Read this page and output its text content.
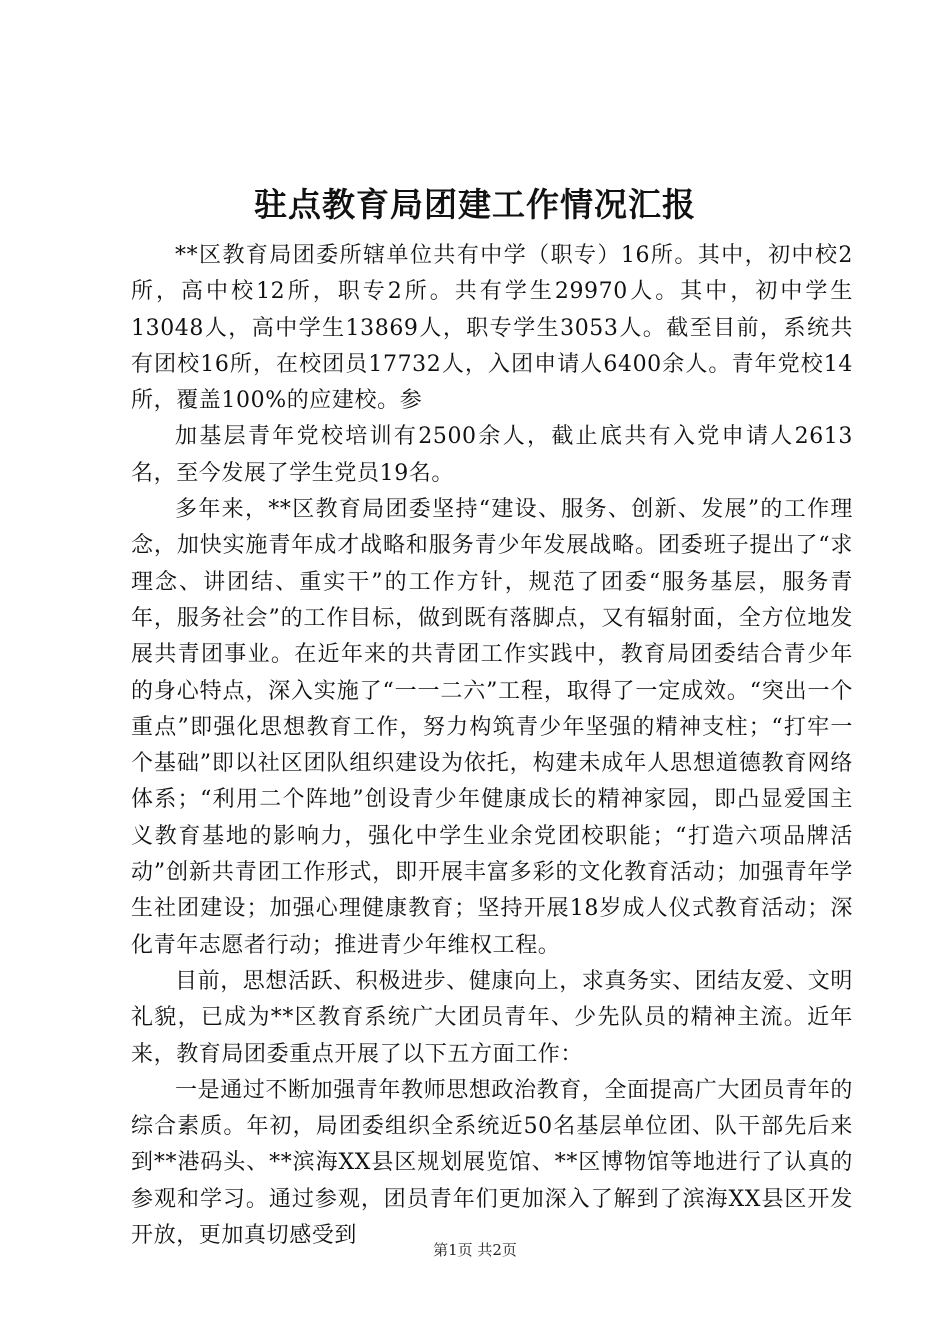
驻点教育局团建工作情况汇报

**区教育局团委所辖单位共有中学（职专）16所。其中，初中校2所，高中校12所，职专2所。共有学生29970人。其中，初中学生13048人，高中学生13869人，职专学生3053人。截至目前，系统共有团校16所，在校团员17732人，入团申请人6400余人。青年党校14所，覆盖100%的应建校。参

加基层青年党校培训有2500余人，截止底共有入党申请人2613名，至今发展了学生党员19名。

多年来，**区教育局团委坚持“建设、服务、创新、发展”的工作理念，加快实施青年成才战略和服务青少年发展战略。团委班子提出了“求理念、讲团结、重实干”的工作方针，规范了团委“服务基层，服务青年，服务社会”的工作目标，做到既有落脚点，又有辐射面，全方位地发展共青团事业。在近年来的共青团工作实践中，教育局团委结合青少年的身心特点，深入实施了“一一二六”工程，取得了一定成效。“突出一个重点”即强化思想教育工作，努力构筑青少年坚强的精神支柱；“打牢一个基础”即以社区团队组织建设为依托，构建未成年人思想道德教育网络体系；“利用二个阵地”创设青少年健康成长的精神家园，即凸显爱国主义教育基地的影响力，强化中学生业余党团校职能；“打造六项品牌活动”创新共青团工作形式，即开展丰富多彩的文化教育活动；加强青年学生社团建设；加强心理健康教育；坚持开展18岁成人仪式教育活动；深化青年志愿者行动；推进青少年维权工程。

目前，思想活跃、积极进步、健康向上，求真务实、团结友爱、文明礼貌，已成为**区教育系统广大团员青年、少先队员的精神主流。近年来，教育局团委重点开展了以下五方面工作：

一是通过不断加强青年教师思想政治教育，全面提高广大团员青年的综合素质。年初，局团委组织全系统近50名基层单位团、队干部先后来到**港码头、**滨海XX县区规划展览馆、**区博物馆等地进行了认真的参观和学习。通过参观，团员青年们更加深入了解到了滨海XX县区开发开放，更加真切感受到

第1页 共2页
